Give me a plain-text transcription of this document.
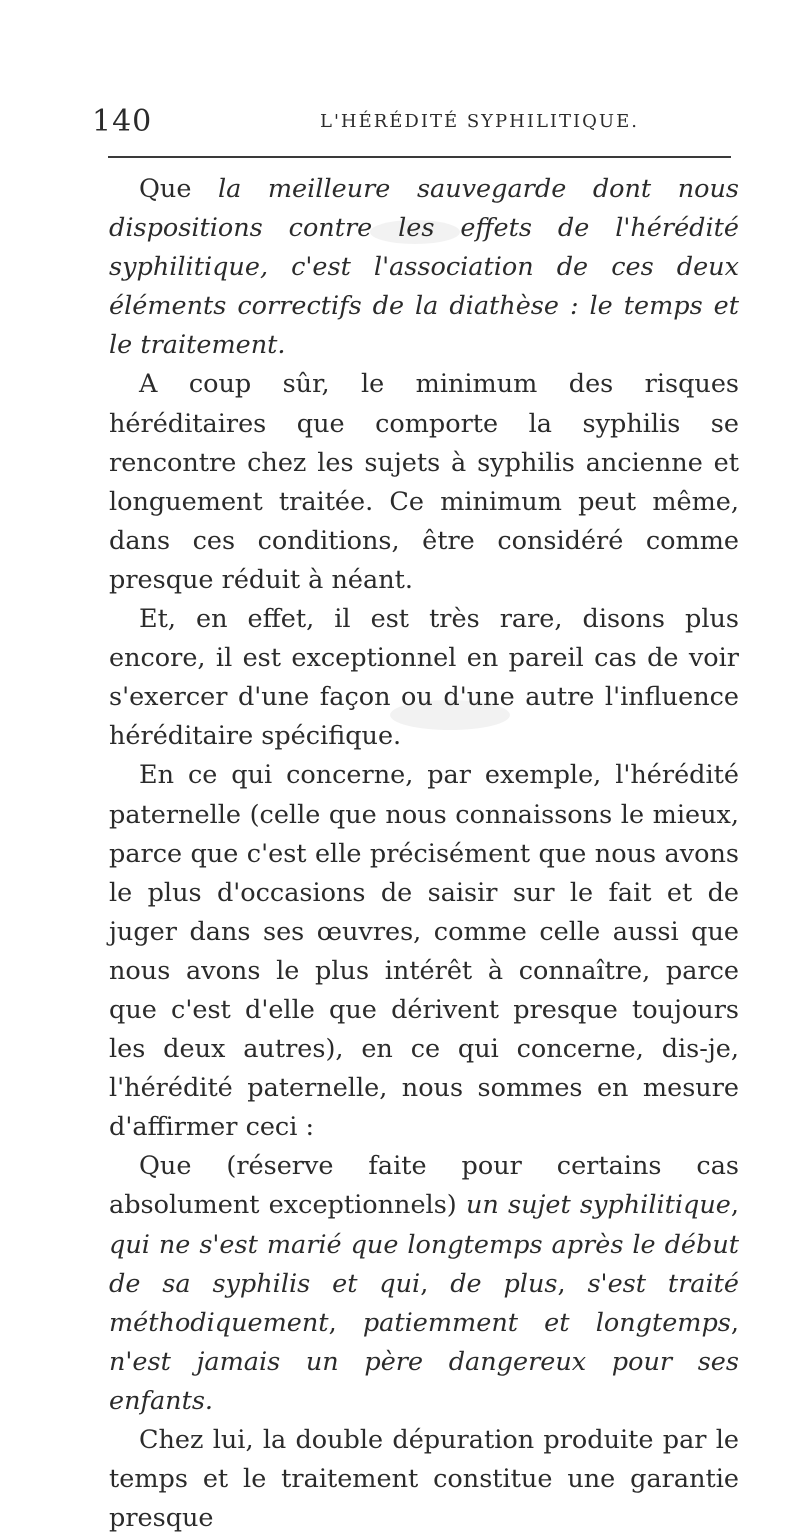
140	L'HÉRÉDITÉ SYPHILITIQUE.

Que la meilleure sauvegarde dont nous dispositions contre les effets de l'hérédité syphilitique, c'est l'association de ces deux éléments correctifs de la diathèse : le temps et le traitement.

A coup sûr, le minimum des risques héréditaires que comporte la syphilis se rencontre chez les sujets à syphilis ancienne et longuement traitée. Ce minimum peut même, dans ces conditions, être considéré comme presque réduit à néant.

Et, en effet, il est très rare, disons plus encore, il est exceptionnel en pareil cas de voir s'exercer d'une façon ou d'une autre l'influence héréditaire spécifique.

En ce qui concerne, par exemple, l'hérédité paternelle (celle que nous connaissons le mieux, parce que c'est elle précisément que nous avons le plus d'occasions de saisir sur le fait et de juger dans ses œuvres, comme celle aussi que nous avons le plus intérêt à connaître, parce que c'est d'elle que dérivent presque toujours les deux autres), en ce qui concerne, dis-je, l'hérédité paternelle, nous sommes en mesure d'affirmer ceci :

Que (réserve faite pour certains cas absolument exceptionnels) un sujet syphilitique, qui ne s'est marié que longtemps après le début de sa syphilis et qui, de plus, s'est traité méthodiquement, patiemment et longtemps, n'est jamais un père dangereux pour ses enfants.

Chez lui, la double dépuration produite par le temps et le traitement constitue une garantie presque
